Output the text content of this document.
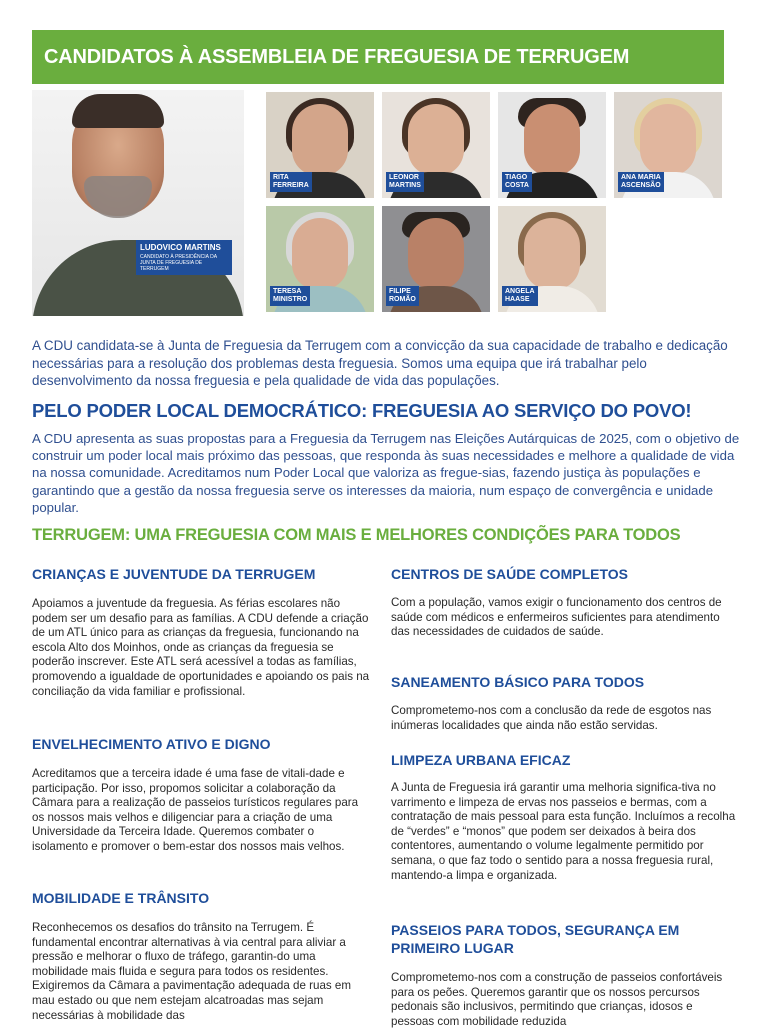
CANDIDATOS À ASSEMBLEIA DE FREGUESIA DE TERRUGEM
LUDOVICO MARTINS
CANDIDATO À PRESIDÊNCIA DA JUNTA DE FREGUESIA DE TERRUGEM
RITA
FERREIRA
LEONOR
MARTINS
TIAGO
COSTA
ANA MARIA
ASCENSÃO
TERESA
MINISTRO
FILIPE
ROMÃO
ANGELA
HAASE

A CDU candidata-se à Junta de Freguesia da Terrugem com a convicção da sua capacidade de trabalho e dedicação necessárias para a resolução dos problemas desta freguesia. Somos uma equipa que irá trabalhar pelo desenvolvimento da nossa freguesia e pela qualidade de vida das populações.

PELO PODER LOCAL DEMOCRÁTICO: FREGUESIA AO SERVIÇO DO POVO!

A CDU apresenta as suas propostas para a Freguesia da Terrugem nas Eleições Autárquicas de 2025, com o objetivo de construir um poder local mais próximo das pessoas, que responda às suas necessidades e melhore a qualidade de vida na nossa comunidade. Acreditamos num Poder Local que valoriza as fregue-sias, fazendo justiça às populações e garantindo que a gestão da nossa freguesia serve os interesses da maioria, num espaço de convergência e unidade popular.

TERRUGEM: UMA FREGUESIA COM MAIS E MELHORES CONDIÇÕES PARA TODOS
CRIANÇAS E JUVENTUDE DA TERRUGEM

Apoiamos a juventude da freguesia. As férias escolares não podem ser um desafio para as famílias. A CDU defende a criação de um ATL único para as crianças da freguesia, funcionando na escola Alto dos Moinhos, onde as crianças da freguesia se poderão inscrever. Este ATL será acessível a todas as famílias, promovendo a igualdade de oportunidades e apoiando os pais na conciliação da vida familiar e profissional.

ENVELHECIMENTO ATIVO E DIGNO

Acreditamos que a terceira idade é uma fase de vitali-dade e participação. Por isso, propomos solicitar a colaboração da Câmara para a realização de passeios turísticos regulares para os nossos mais velhos e diligenciar para a criação de uma Universidade da Terceira Idade. Queremos combater o isolamento e promover o bem-estar dos nossos mais velhos.

MOBILIDADE E TRÂNSITO

Reconhecemos os desafios do trânsito na Terrugem. É fundamental encontrar alternativas à via central para aliviar a pressão e melhorar o fluxo de tráfego, garantin-do uma mobilidade mais fluida e segura para todos os residentes. Exigiremos da Câmara a pavimentação adequada de ruas em mau estado ou que nem estejam alcatroadas mas sejam necessárias à mobilidade das

CENTROS DE SAÚDE COMPLETOS

Com a população, vamos exigir o funcionamento dos centros de saúde com médicos e enfermeiros suficientes para atendimento das necessidades de cuidados de saúde.

SANEAMENTO BÁSICO PARA TODOS

Comprometemo-nos com a conclusão da rede de esgotos nas inúmeras localidades que ainda não estão servidas.

LIMPEZA URBANA EFICAZ

A Junta de Freguesia irá garantir uma melhoria significa-tiva no varrimento e limpeza de ervas nos passeios e bermas, com a contratação de mais pessoal para esta função. Incluímos a recolha de “verdes” e “monos” que podem ser deixados à beira dos contentores, aumentando o volume legalmente permitido por semana, o que faz todo o sentido para a nossa freguesia rural, mantendo-a limpa e organizada.

PASSEIOS PARA TODOS, SEGURANÇA EM PRIMEIRO LUGAR

Comprometemo-nos com a construção de passeios confortáveis para os peões. Queremos garantir que os nossos percursos pedonais são inclusivos, permitindo que crianças, idosos e pessoas com mobilidade reduzida
